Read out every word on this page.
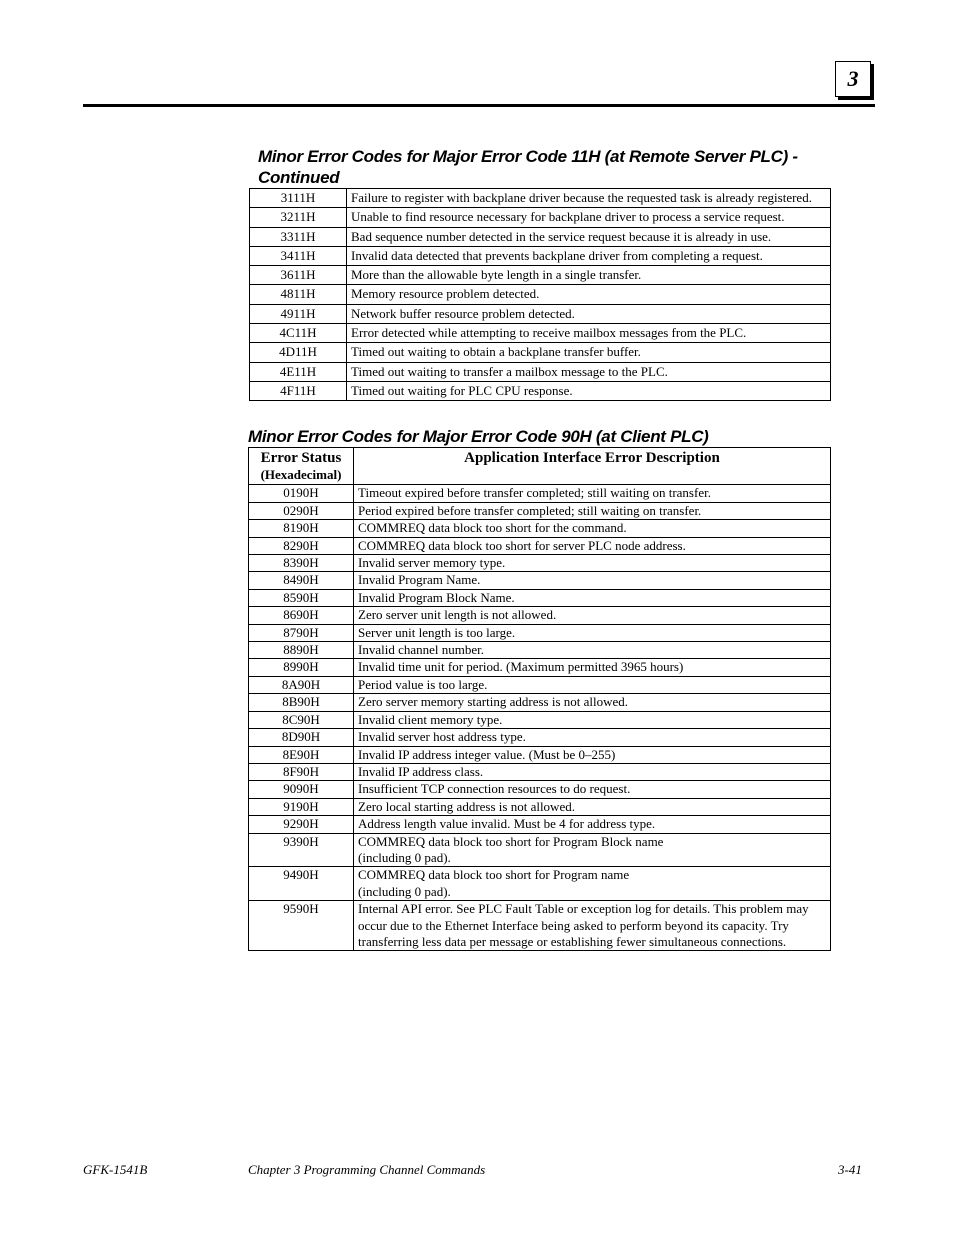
3
Minor Error Codes for Major Error Code 11H (at Remote Server PLC) - Continued
3111H	Failure to register with backplane driver because the requested task is already registered.
3211H	Unable to find resource necessary for backplane driver to process a service request.
3311H	Bad sequence number detected in the service request because it is already in use.
3411H	Invalid data detected that prevents backplane driver from completing a request.
3611H	More than the allowable byte length in a single transfer.
4811H	Memory resource problem detected.
4911H	Network buffer resource problem detected.
4C11H	Error detected while attempting to receive mailbox messages from the PLC.
4D11H	Timed out waiting to obtain a backplane transfer buffer.
4E11H	Timed out waiting to transfer a mailbox message to the PLC.
4F11H	Timed out waiting for PLC CPU response.
Minor Error Codes for Major Error Code 90H (at Client PLC)
Error Status
(Hexadecimal)	Application Interface Error Description
0190H	Timeout expired before transfer completed; still waiting on transfer.
0290H	Period expired before transfer completed; still waiting on transfer.
8190H	COMMREQ data block too short for the command.
8290H	COMMREQ data block too short for server PLC node address.
8390H	Invalid server memory type.
8490H	Invalid Program Name.
8590H	Invalid Program Block Name.
8690H	Zero server unit length is not allowed.
8790H	Server unit length is too large.
8890H	Invalid channel number.
8990H	Invalid time unit for period. (Maximum permitted 3965 hours)
8A90H	Period value is too large.
8B90H	Zero server memory starting address is not allowed.
8C90H	Invalid client memory type.
8D90H	Invalid server host address type.
8E90H	Invalid IP address integer value. (Must be 0–255)
8F90H	Invalid IP address class.
9090H	Insufficient TCP connection resources to do request.
9190H	Zero local starting address is not allowed.
9290H	Address length value invalid. Must be 4 for address type.
9390H	COMMREQ data block too short for Program Block name
(including 0 pad).
9490H	COMMREQ data block too short for Program name
(including 0 pad).
9590H	Internal API error. See PLC Fault Table or exception log for details. This problem may occur due to the Ethernet Interface being asked to perform beyond its capacity. Try transferring less data per message or establishing fewer simultaneous connections.
GFK-1541B	Chapter 3 Programming Channel Commands	3-41
